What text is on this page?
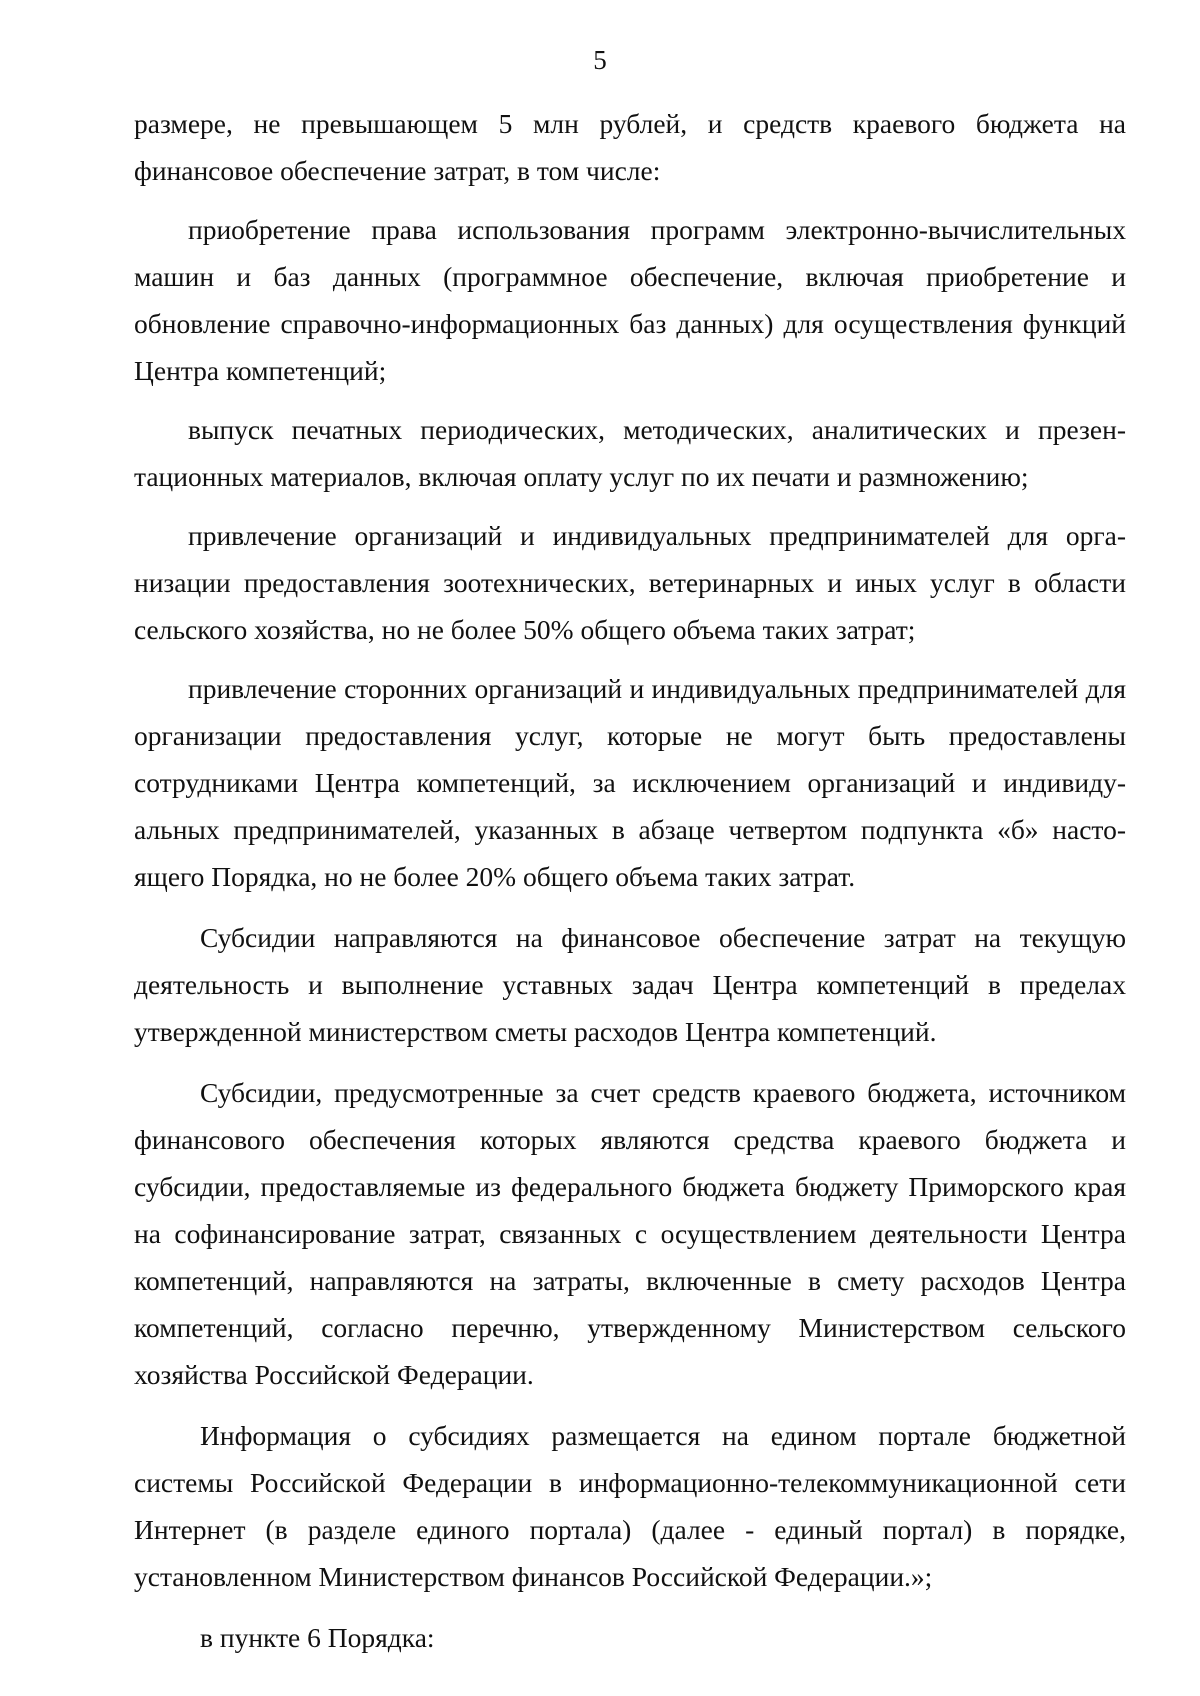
5

размере, не превышающем 5 млн рублей, и средств краевого бюджета на финансовое обеспечение затрат, в том числе:

приобретение права использования программ электронно-вычислительных машин и баз данных (программное обеспечение, включая приобретение и обновление справочно-информационных баз данных) для осуществления функций Центра компетенций;

выпуск печатных периодических, методических, аналитических и презентационных материалов, включая оплату услуг по их печати и размножению;

привлечение организаций и индивидуальных предпринимателей для организации предоставления зоотехнических, ветеринарных и иных услуг в области сельского хозяйства, но не более 50% общего объема таких затрат;

привлечение сторонних организаций и индивидуальных предпринимателей для организации предоставления услуг, которые не могут быть предоставлены сотрудниками Центра компетенций, за исключением организаций и индивидуальных предпринимателей, указанных в абзаце четвертом подпункта «б» настоящего Порядка, но не более 20% общего объема таких затрат.

Субсидии направляются на финансовое обеспечение затрат на текущую деятельность и выполнение уставных задач Центра компетенций в пределах утвержденной министерством сметы расходов Центра компетенций.

Субсидии, предусмотренные за счет средств краевого бюджета, источником финансового обеспечения которых являются средства краевого бюджета и субсидии, предоставляемые из федерального бюджета бюджету Приморского края на софинансирование затрат, связанных с осуществлением деятельности Центра компетенций, направляются на затраты, включенные в смету расходов Центра компетенций, согласно перечню, утвержденному Министерством сельского хозяйства Российской Федерации.

Информация о субсидиях размещается на едином портале бюджетной системы Российской Федерации в информационно-телекоммуникационной сети Интернет (в разделе единого портала) (далее - единый портал) в порядке, установленном Министерством финансов Российской Федерации.»;

в пункте 6 Порядка:
